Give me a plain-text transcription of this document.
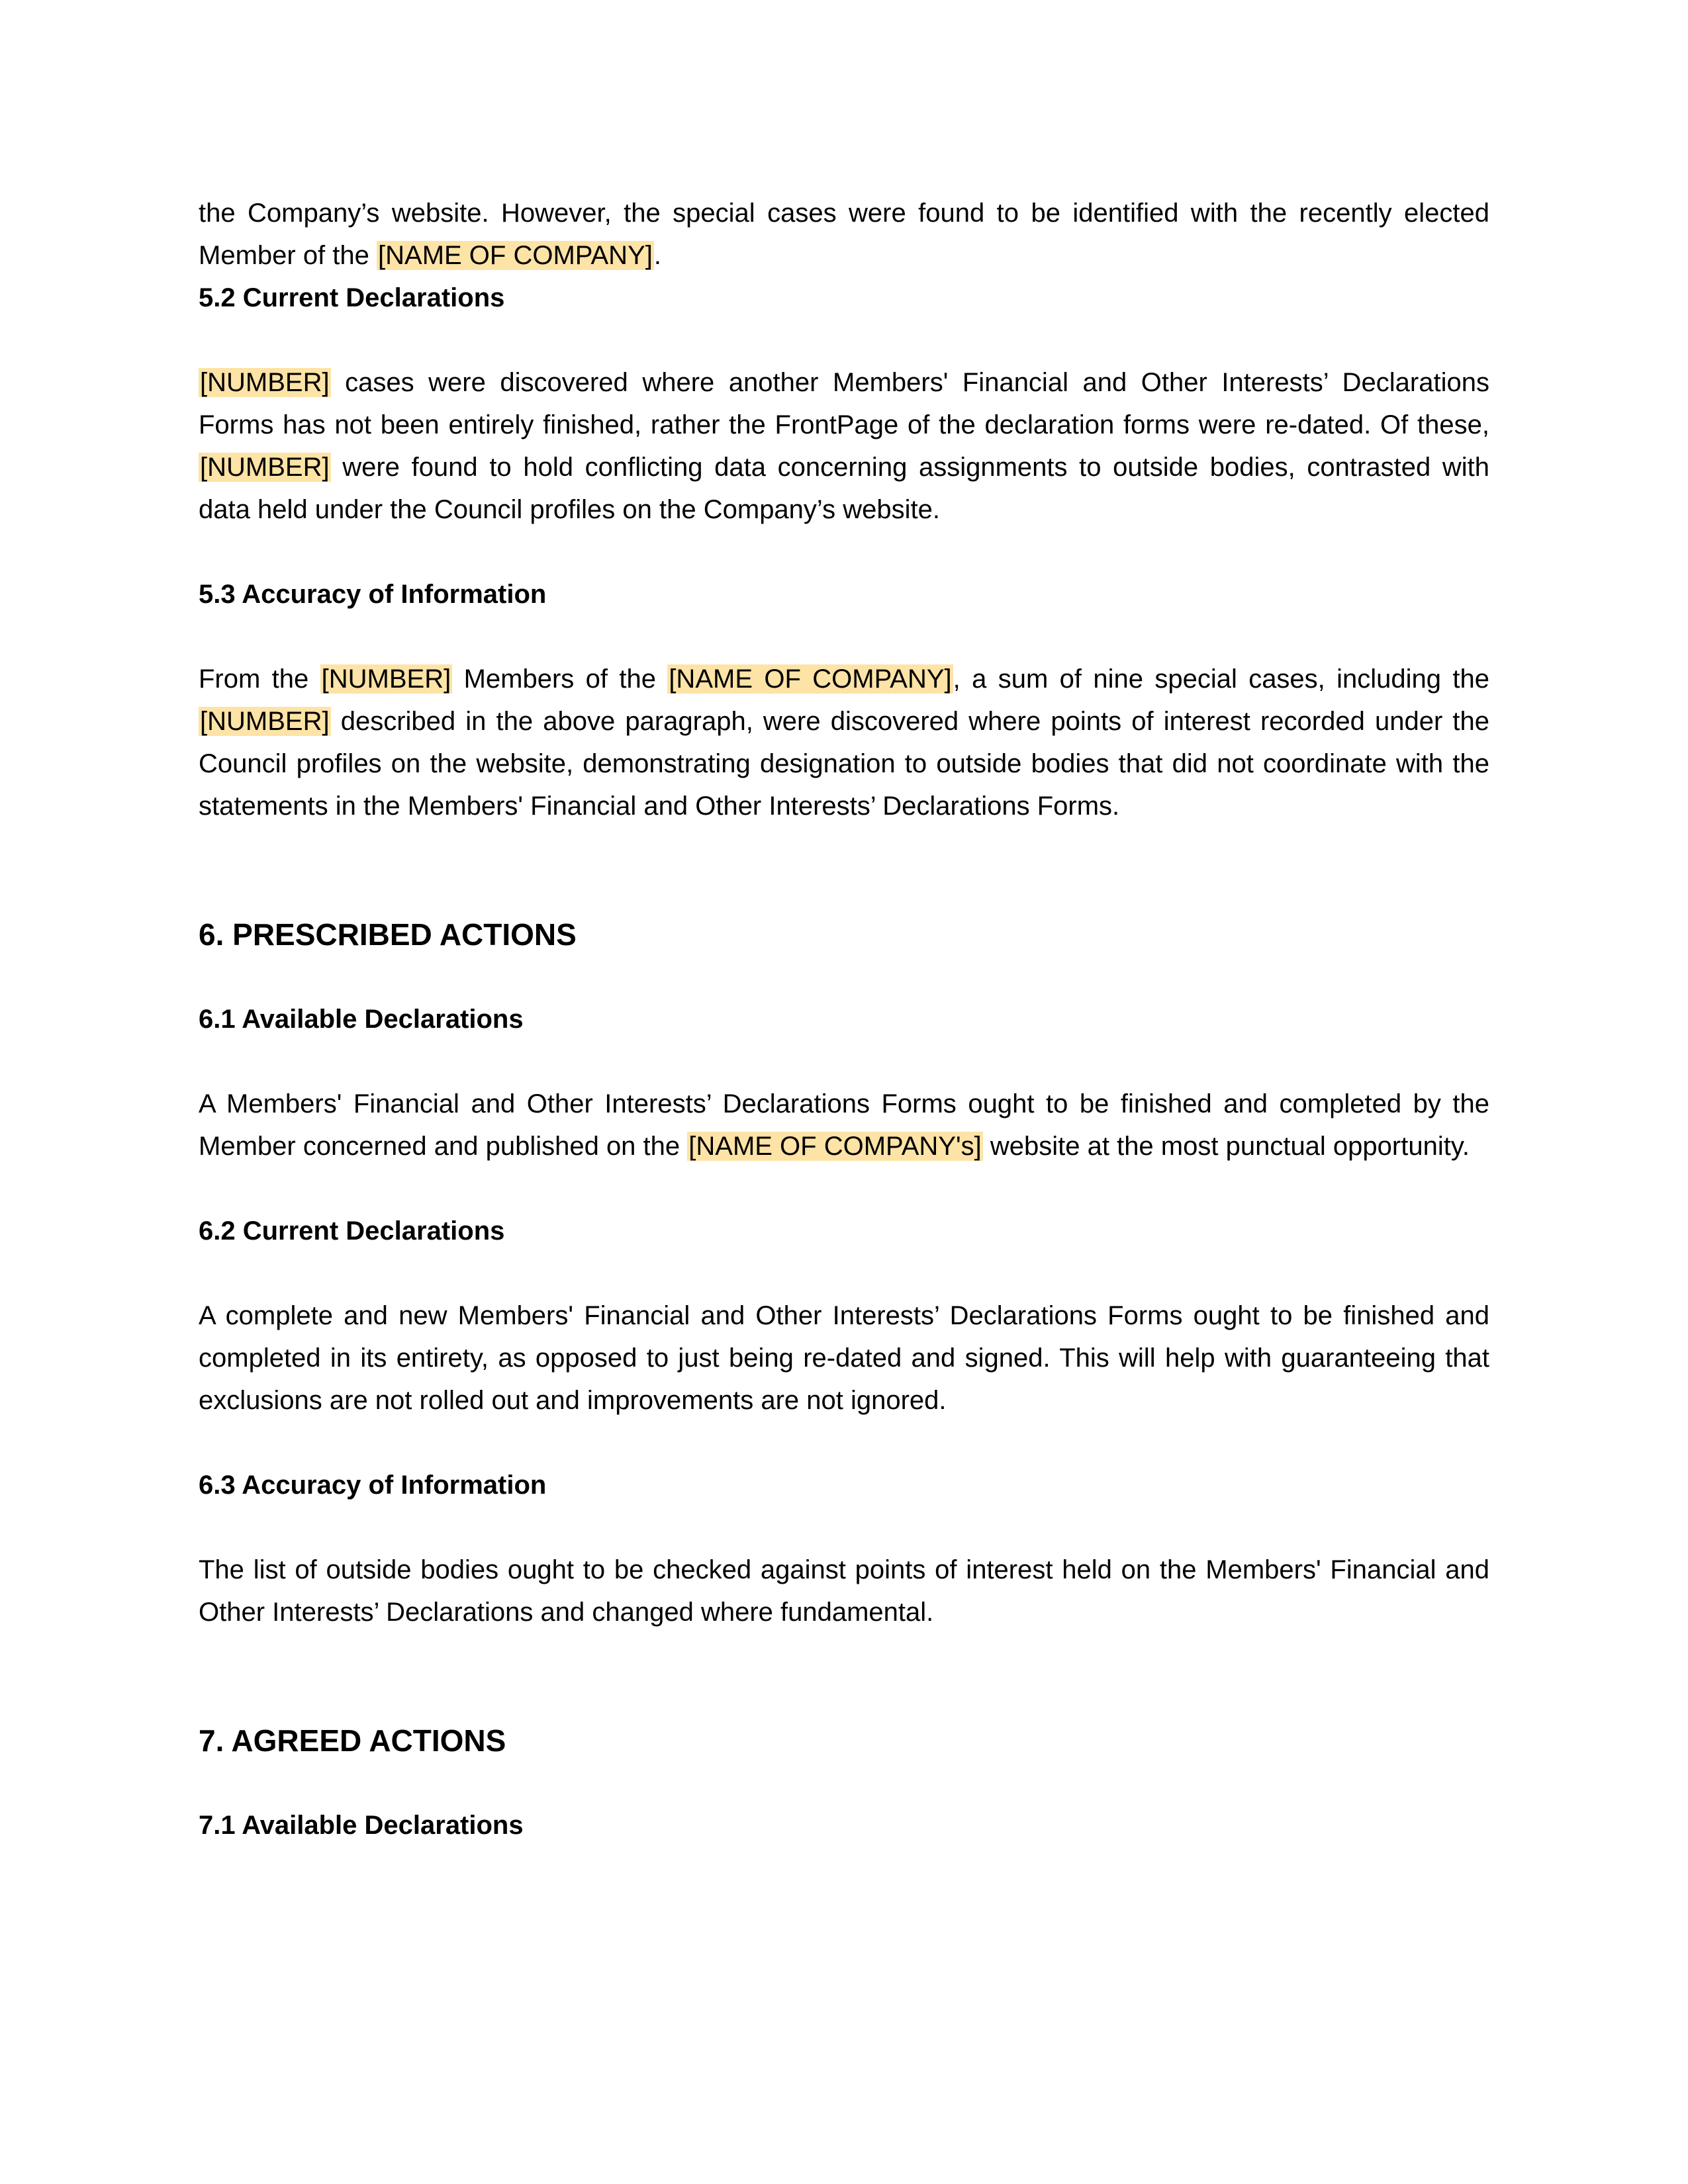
the Company’s website. However, the special cases were found to be identified with the recently elected Member of the [NAME OF COMPANY].

5.2 Current Declarations

[NUMBER] cases were discovered where another Members' Financial and Other Interests’ Declarations Forms has not been entirely finished, rather the FrontPage of the declaration forms were re-dated. Of these, [NUMBER] were found to hold conflicting data concerning assignments to outside bodies, contrasted with data held under the Council profiles on the Company’s website.

5.3 Accuracy of Information

From the [NUMBER] Members of the [NAME OF COMPANY], a sum of nine special cases, including the [NUMBER] described in the above paragraph, were discovered where points of interest recorded under the Council profiles on the website, demonstrating designation to outside bodies that did not coordinate with the statements in the Members' Financial and Other Interests’ Declarations Forms.

6. PRESCRIBED ACTIONS

6.1 Available Declarations

A Members' Financial and Other Interests’ Declarations Forms ought to be finished and completed by the Member concerned and published on the [NAME OF COMPANY's] website at the most punctual opportunity.

6.2 Current Declarations

A complete and new Members' Financial and Other Interests’ Declarations Forms ought to be finished and completed in its entirety, as opposed to just being re-dated and signed. This will help with guaranteeing that exclusions are not rolled out and improvements are not ignored.

6.3 Accuracy of Information

The list of outside bodies ought to be checked against points of interest held on the Members' Financial and Other Interests’ Declarations and changed where fundamental.

7. AGREED ACTIONS

7.1 Available Declarations
